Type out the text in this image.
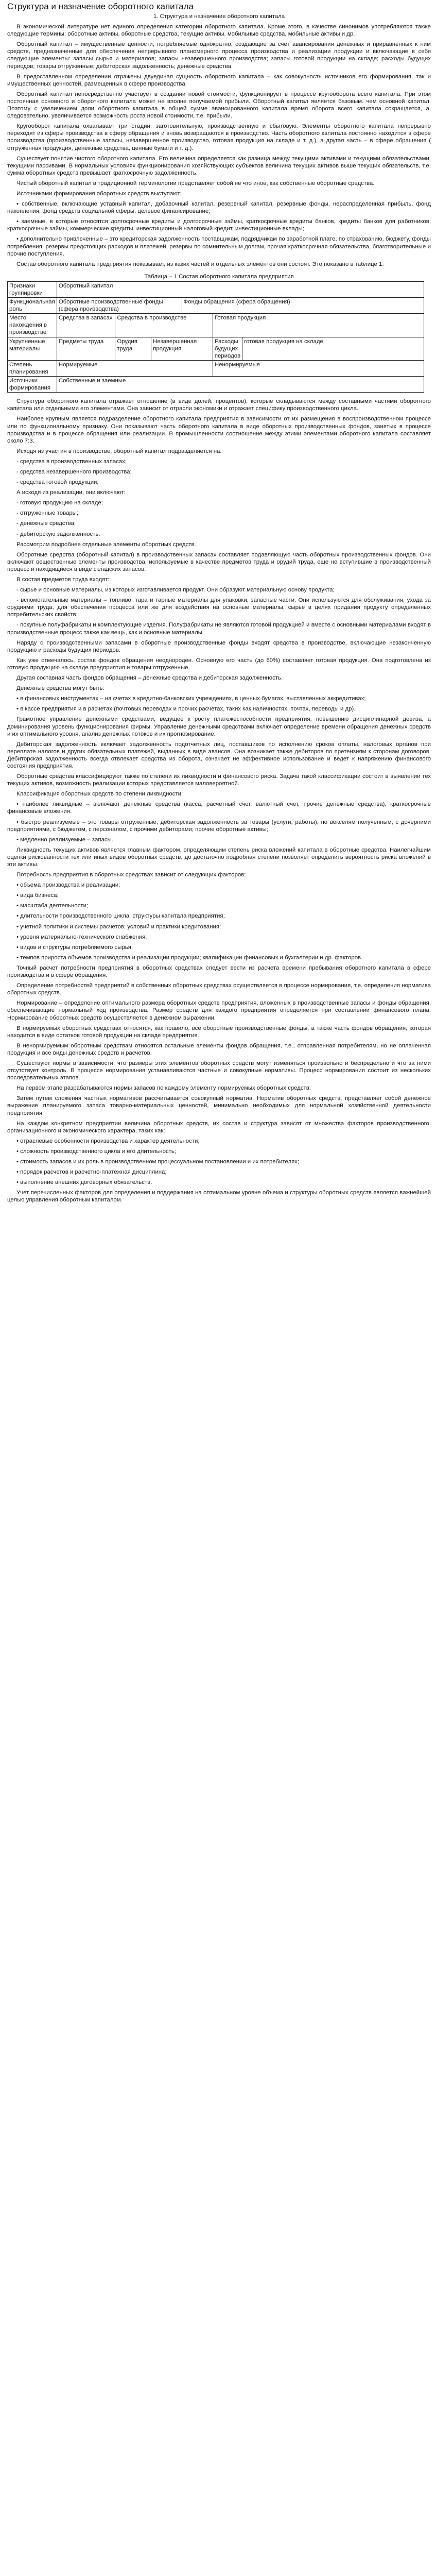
Структура и назначение оборотного капитала
1. Структура и назначение оборотного капитала

В экономической литературе нет единого определения категории оборотного капитала. Кроме этого, в качестве синонимов употребляются также следующие термины: оборотные активы, оборотные средства, текущие активы, мобильные средства, мобильные активы и др.

Оборотный капитал – имущественные ценности, потребляемые однократно, создающие за счет авансирования денежных и приравненных к ним средств, предназначенные для обеспечения непрерывного планомерного процесса производства и реализации продукции и включающие в себя следующие элементы: запасы сырья и материалов; запасы незавершенного производства; запасы готовой продукции на складе; расходы будущих периодов; товары отгруженные; дебиторская задолженность; денежные средства.

В предоставленном определении отражены двуединая сущность оборотного капитала – как совокупность источников его формирования, так и имущественных ценностей, размещенных в сфере производства.

Оборотный капитал непосредственно участвует в создании новой стоимости, функционирует в процессе кругооборота всего капитала. При этом постоянная основного и оборотного капитала может не вполне получаемой прибыли. Оборотный капитал является базовым. чем основной капитал. Поэтому с увеличением доли оборотного капитала в общей сумме авансированного капитала время оборота всего капитала сокращается, а, следовательно, увеличивается возможность роста новой стоимости, т.е. прибыли.

Кругооборот капитала охватывает три стадии: заготовительную, производственную и сбытовую. Элементы оборотного капитала непрерывно переходят из сферы производства в сферу обращения и вновь возвращаются в производство. Часть оборотного капитала постоянно находится в сфере производства (производственные запасы, незавершенное производство, готовая продукция на складе и т. д.), а другая часть – в сфере обращения ( отгруженная продукция, денежные средства, ценные бумаги и т. д.).

Существует понятие чистого оборотного капитала. Его величина определяется как разница между текущими активами и текущими обязательствами, текущими пассивами. В нормальных условиях функционирования хозяйствующих субъектов величина текущих активов выше текущих обязательств, т.е. сумма оборотных средств превышает краткосрочную задолженность.

Чистый оборотный капитал в традиционной терминологии представляет собой не что иное, как собственные оборотные средства.

Источниками формирования оборотных средств выступают:

• собственные, включающие уставный капитал, добавочный капитал, резервный капитал, резервные фонды, нераспределенная прибыль, фонд накопления, фонд средств социальной сферы, целевое финансирование;

• заемные, в которые относятся долгосрочные кредиты и долгосрочные займы, краткосрочные кредиты банков, кредиты банков для работников, краткосрочные займы, коммерческие кредиты, инвестиционный налоговый кредит, инвестиционные вклады;

• дополнительно привлеченные – это кредиторская задолженность поставщикам, подрядчикам по заработной плате, по страхованию, бюджету, фонды потребления, резервы предстоящих расходов и платежей, резервы по сомнительным долгам, прочая краткосрочная обязательства, благотворительные и прочие поступления.

Состав оборотного капитала предприятия показывает, из каких частей и отдельных элементов они состоят. Это показано в таблице 1.

Таблица – 1 Состав оборотного капитала предприятия

Признаки группировки	Оборотный капитал					
Функциональная роль	Оборотные производственные фонды (сфера производства)			Фонды обращения (сфера обращения)		
Место нахождения в производстве	Средства в запасах	Средства в производстве			Готовая продукция	
Укрупненные материалы	Предметы труда	Орудия труда	Незавершенная продукция		Расходы будущих периодов	готовая продукция на складе
Степень планирования	Нормируемые				Ненормируемые	
Источники формирования	Собственные и заемные					

Структура оборотного капитала отражает отношение (в виде долей, процентов), которые складываются между составными частями оборотного капитала или отдельными его элементами. Она зависит от отрасли экономики и отражает специфику производственного цикла.

Наиболее крупным является подразделение оборотного капитала предприятия в зависимости от их размещения в воспроизводственном процессе или по функциональному признаку. Они показывают часть оборотного капитала в виде оборотных производственных фондов, занятых в процессе производства и в процессе обращения или реализации. В промышленности соотношение между этими элементами оборотного капитала составляет около 7:3.

Исходя из участия в производстве, оборотный капитал подразделяется на:

- средства в производственных запасах;

- средства незавершенного производства;

- средства готовой продукции;

А исходя из реализации, они включают:

- готовую продукцию на складе;

- отгруженные товары;

- денежные средства;

- дебиторскую задолженность.

Рассмотрим подробнее отдельные элементы оборотных средств.

Оборотные средства (оборотный капитал) в производственных запасах составляет подавляющую часть оборотных производственных фондов. Они включают вещественные элементы производства, используемые в качестве предметов труда и орудий труда, еще не вступившие в производственный процесс и находящиеся в виде складских запасов.

В состав предметов труда входят:

- сырье и основные материалы, из которых изготавливается продукт. Они образуют материальную основу продукта;

- вспомогательные материалы – топливо, тара и тарные материалы для упаковки, запасные части. Они используются для обслуживания, ухода за орудиями труда, для обеспечения процесса или же для воздействия на основные материалы, сырье в целях придания продукту определенных потребительских свойств;

- покупные полуфабрикаты и комплектующие изделия. Полуфабрикаты не являются готовой продукцией и вместе с основными материалами входят в производственные процесс также как вещь, как и основные материалы.

Наряду с производственными запасами в оборотные производственные фонды входят средства в производстве, включающие незаконченную продукцию и расходы будущих периодов.

Как уже отмечалось, состав фондов обращения неоднороден. Основную его часть (до 60%) составляет готовая продукция. Она подготовлена из готовую продукцию на складе предприятия и товары отгруженные.

Другая составная часть фондов обращения – денежные средства и дебиторская задолженность.

Денежные средства могут быть:

• в финансовых инструментах – на счетах в кредитно-банковских учреждениях, в ценных бумагах, выставленных аккредитивах;

• в кассе предприятия и в расчетах (почтовых переводах и прочих расчетах, таких как наличностях, почтах, переводы и др).

Грамотное управление денежными средствами, ведущее к росту платежеспособности предприятия, повышению дисциплинарной девиза, а доминирования уровень функционирования фирмы. Управление денежными средствами включает определение времени обращения денежных средств и их оптимального уровня, анализ денежных потоков и их прогнозирование.

Дебиторская задолженность включает задолженность подотчетных лиц, поставщиков по исполнению сроков оплаты, налоговых органов при переплате налогов и других обязательных платежей, выданных в виде авансов. Она возникает также дебиторов по претензиям к сторонам договоров. Дебиторская задолженность всегда отвлекает средства из оборота, означает не эффективное использование и ведет к напряжению финансового состояния предприятия.

Оборотные средства классифицируют также по степени их ликвидности и финансового риска. Задача такой классификации состоит в выявлении тех текущих активов, возможность реализации которых представляется маловероятной.

Классификация оборотных средств по степени ликвидности:

• наиболее ликвидные – включают денежные средства (касса, расчетный счет, валютный счет, прочие денежные средства), краткосрочные финансовые вложения.

• быстро реализуемые – это товары отгруженные, дебиторская задолженность за товары (услуги, работы), по векселям полученным, с дочерними предприятиями, с бюджетом, с персоналом, с прочими дебиторами; прочие оборотные активы;

• медленно реализуемые – запасы.

Ликвидность текущих активов является главным фактором, определяющим степень риска вложений капитала в оборотные средства. Наилегчайшим оценки рискованности тех или иных видов оборотных средств, до достаточно подробная степени позволяет определить вероятность риска вложений в эти активы.

Потребность предприятия в оборотных средствах зависит от следующих факторов:

• объема производства и реализации;

• вида бизнеса;

• масштаба деятельности;

• длительности производственного цикла; структуры капитала предприятия;

• учетной политики и системы расчетов; условий и практики кредитования:

• уровня материально-технического снабжения;

• видов и структуры потребляемого сырья;

• темпов прироста объемов производства и реализации продукции; квалификации финансовых и бухгалтерии и др. факторов.

Точный расчет потребности предприятия в оборотных средствах следует вести из расчета времени пребывания оборотного капитала в сфере производства и в сфере обращения.

Определение потребностей предприятий в собственных оборотных средствах осуществляется в процессе нормирования, т.е. определения норматива оборотных средств.

Нормирование – определение оптимального размера оборотных средств предприятия, вложенных в производственные запасы и фонды обращения, обеспечивающие нормальный ход производства. Размер средств для каждого предприятия определяется при составлении финансового плана. Нормирование оборотных средств осуществляется в денежном выражении.

В нормируемых оборотных средствах относятся, как правило, все оборотные производственные фонды, а также часть фондов обращения, которая находится в виде остатков готовой продукции на складе предприятия.

В ненормируемым оборотным средствам относятся остальные элементы фондов обращения, т.е., отправленная потребителям, но не оплаченная продукция и все виды денежных средств и расчетов.

Существуют нормы в зависимости, что размеры этих элементов оборотных средств могут изменяться произвольно и беспредельно и что за ними отсутствует контроль. В процессе нормирования устанавливаются частные и совокупные нормативы. Процесс нормирования состоит из нескольких последовательных этапов.

На первом этапе разрабатываются нормы запасов по каждому элементу нормируемых оборотных средств.

Затем путем сложения частных нормативов рассчитывается совокупный норматив. Норматив оборотных средств, представляет собой денежное выражение планируемого запаса товарно-материальных ценностей, минимально необходимых для нормальной хозяйственной деятельности предприятия.

На каждом конкретном предприятии величина оборотных средств, их состав и структура зависят от множества факторов производственного, организационного и экономического характера, таких как:

• отраслевые особенности производства и характер деятельности;

• сложность производственного цикла и его длительность;

• стоимость запасов и их роль в производственном процессуальном постановлении и их потребителях;

• порядок расчетов и расчетно-платежная дисциплина;

• выполнение внешних договорных обязательств.

Учет перечисленных факторов для определения и поддержания на оптимальном уровне объема и структуры оборотных средств является важнейшей целью управления оборотным капиталом.
